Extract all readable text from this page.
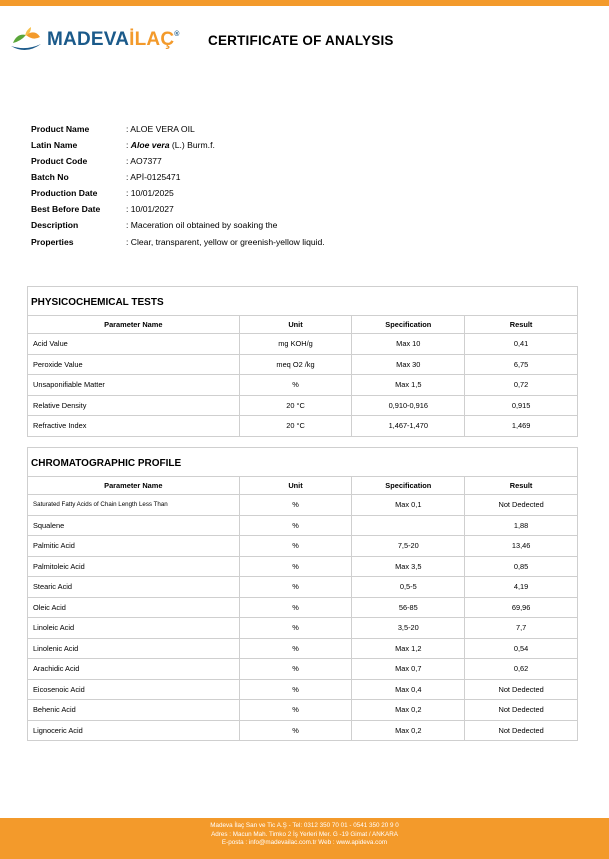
MADEVAİLAÇ® CERTIFICATE OF ANALYSIS
Product Name	: ALOE VERA OIL
Latin Name	: Aloe vera (L.) Burm.f.
Product Code	: AO7377
Batch No	: APİ-0125471
Production Date	: 10/01/2025
Best Before Date	: 10/01/2027
Description	: Maceration oil obtained by soaking the
Properties	: Clear, transparent, yellow or greenish-yellow liquid.
PHYSICOCHEMICAL TESTS			
Parameter Name	Unit	Specification	Result
Acid Value	mg KOH/g	Max 10	0,41
Peroxide Value	meq O2 /kg	Max 30	6,75
Unsaponifiable Matter	%	Max 1,5	0,72
Relative Density	20 °C	0,910-0,916	0,915
Refractive Index	20 °C	1,467-1,470	1,469
CHROMATOGRAPHIC PROFILE			
Parameter Name	Unit	Specification	Result
Saturated Fatty Acids of Chain Length Less Than	%	Max 0,1	Not Dedected
Squalene	%		1,88
Palmitic Acid	%	7,5-20	13,46
Palmitoleic Acid	%	Max 3,5	0,85
Stearic Acid	%	0,5-5	4,19
Oleic Acid	%	56-85	69,96
Linoleic Acid	%	3,5-20	7,7
Linolenic Acid	%	Max 1,2	0,54
Arachidic Acid	%	Max 0,7	0,62
Eicosenoic Acid	%	Max 0,4	Not Dedected
Behenic Acid	%	Max 0,2	Not Dedected
Lignoceric Acid	%	Max 0,2	Not Dedected
Madeva İlaç San ve Tic A.Ş - Tel: 0312 350 70 01 - 0541 350 20 9 0
Adres : Macun Mah. Timko 2 İş Yerleri Mer. G -19 Gimat / ANKARA
E-posta : info@madevailac.com.tr Web : www.apideva.com
